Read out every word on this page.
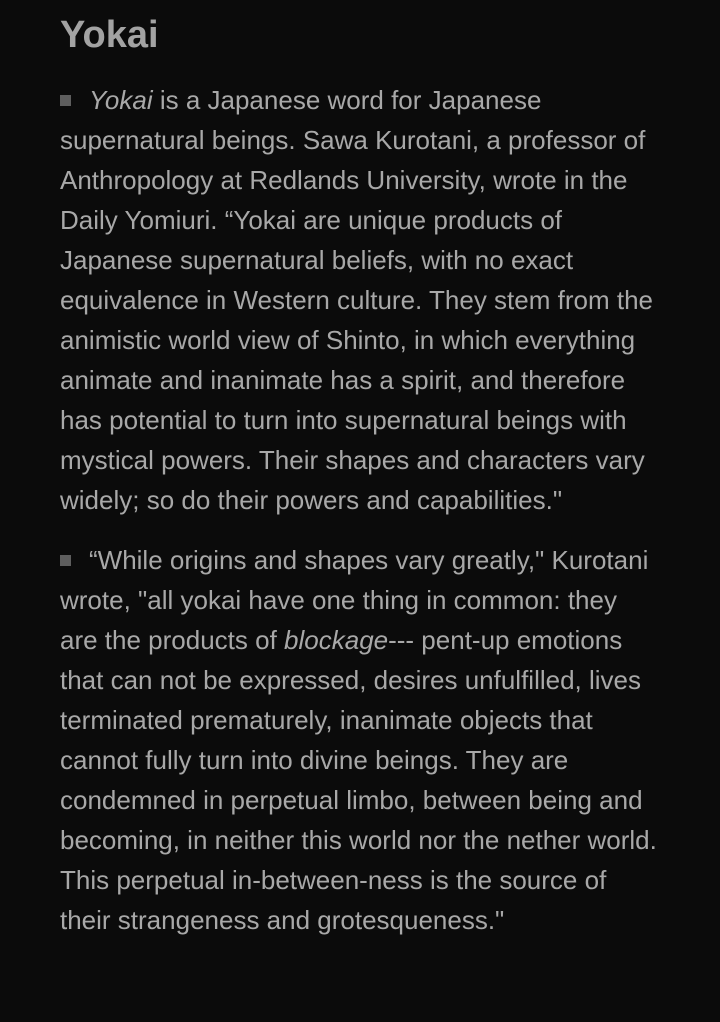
Yokai

Yokai is a Japanese word for Japanese supernatural beings. Sawa Kurotani, a professor of Anthropology at Redlands University, wrote in the Daily Yomiuri. “Yokai are unique products of Japanese supernatural beliefs, with no exact equivalence in Western culture. They stem from the animistic world view of Shinto, in which everything animate and inanimate has a spirit, and therefore has potential to turn into supernatural beings with mystical powers. Their shapes and characters vary widely; so do their powers and capabilities."

“While origins and shapes vary greatly," Kurotani wrote, "all yokai have one thing in common: they are the products of blockage--- pent-up emotions that can not be expressed, desires unfulfilled, lives terminated prematurely, inanimate objects that cannot fully turn into divine beings. They are condemned in perpetual limbo, between being and becoming, in neither this world nor the nether world. This perpetual in-between-ness is the source of their strangeness and grotesqueness."
